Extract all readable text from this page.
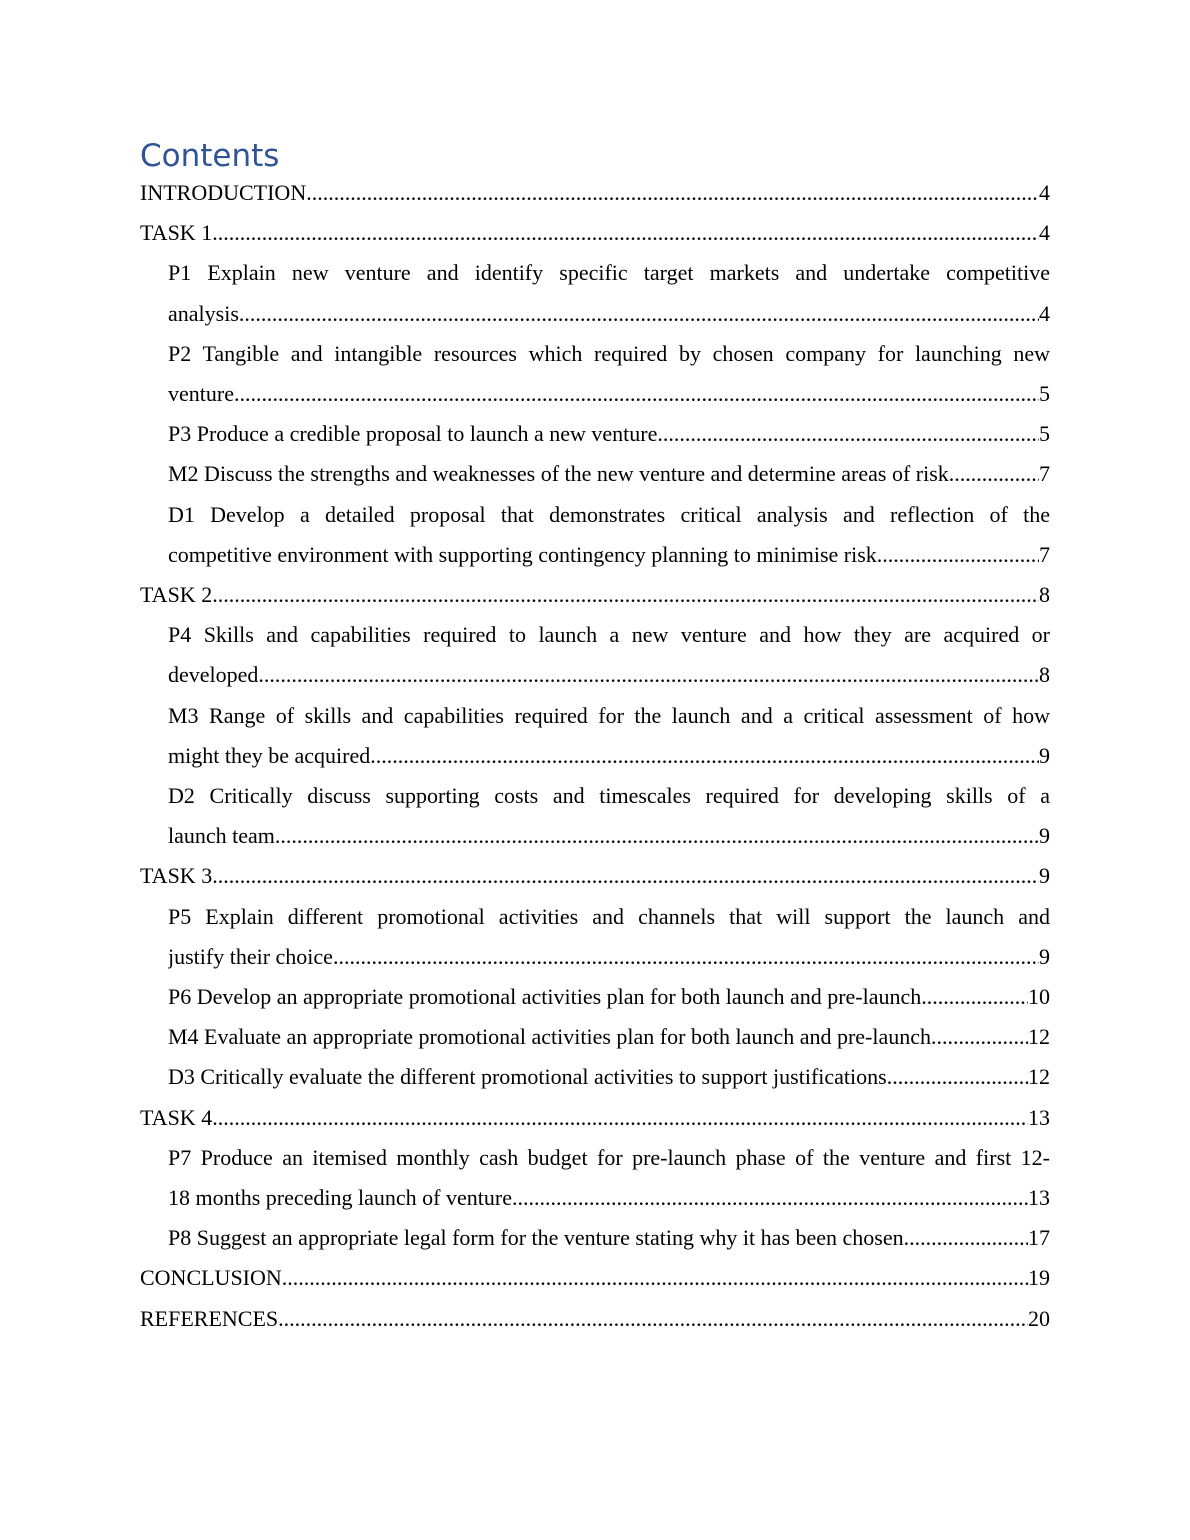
Contents
INTRODUCTION .....	4
TASK 1 .....	4
P1 Explain new venture and identify specific target markets and undertake competitive
analysis .....	4
P2 Tangible and intangible resources which required by chosen company for launching new
venture .....	5
P3 Produce a credible proposal to launch a new venture .....	5
M2 Discuss the strengths and weaknesses of the new venture and determine areas of risk. .....	7
D1 Develop a detailed proposal that demonstrates critical analysis and reflection of the
competitive environment with supporting contingency planning to minimise risk .....	7
TASK 2 .....	8
P4 Skills and capabilities required to launch a new venture and how they are acquired or
developed .....	8
M3 Range of skills and capabilities required for the launch and a critical assessment of how
might they be acquired .....	9
D2 Critically discuss supporting costs and timescales required for developing skills of a
launch team .....	9
TASK 3 .....	9
P5 Explain different promotional activities and channels that will support the launch and
justify their choice .....	9
P6 Develop an appropriate promotional activities plan for both launch and pre-launch. .....	10
M4 Evaluate an appropriate promotional activities plan for both launch and pre-launch. .....	12
D3 Critically evaluate the different promotional activities to support justifications .....	12
TASK 4 .....	13
P7 Produce an itemised monthly cash budget for pre-launch phase of the venture and first 12-
18 months preceding launch of venture .....	13
P8 Suggest an appropriate legal form for the venture stating why it has been chosen .....	17
CONCLUSION .....	19
REFERENCES .....	20
